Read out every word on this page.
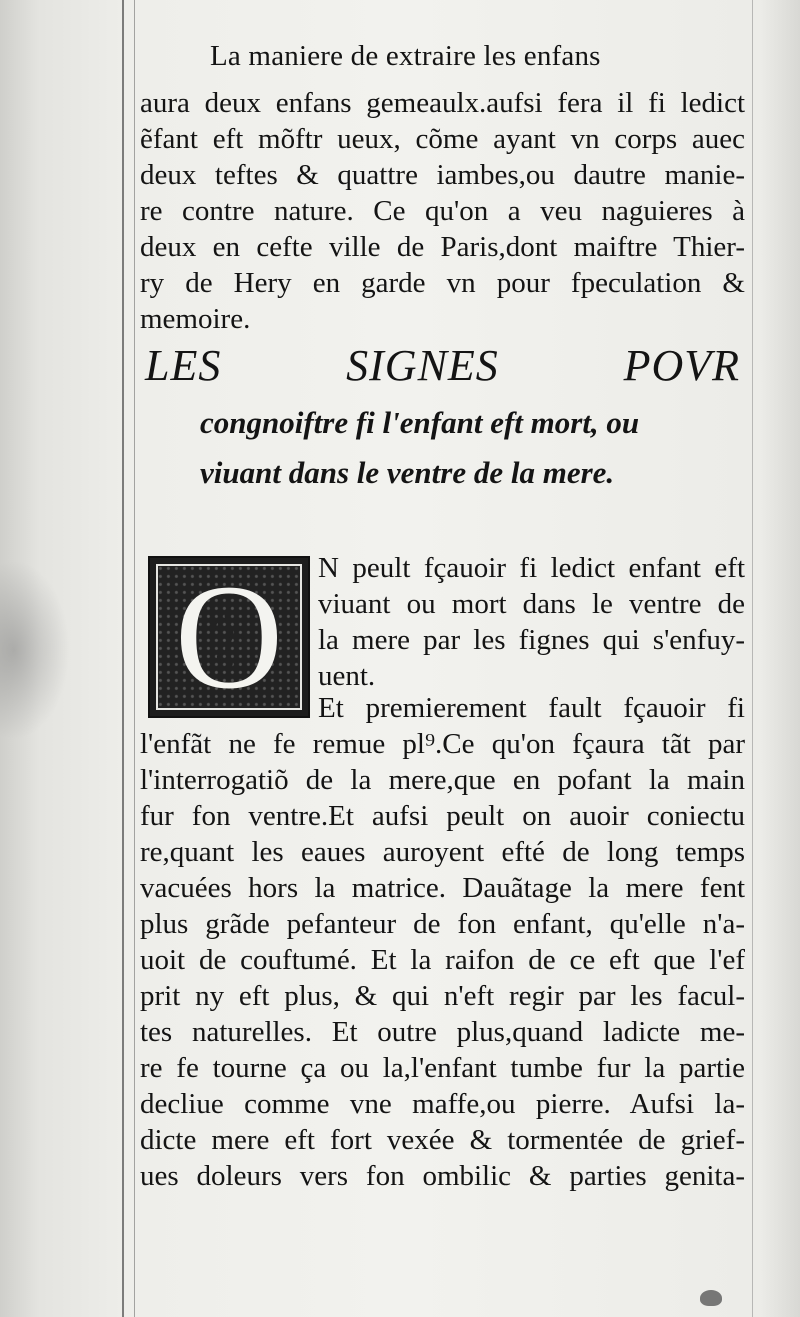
La maniere de extraire les enfans
aura deux enfans gemeaulx.aufsi fera il fi ledict
ẽfant eft mõftr ueux, cõme ayant vn corps auec
deux teftes & quattre iambes,ou dautre manie-
re contre nature. Ce qu'on a veu naguieres à
deux en cefte ville de Paris,dont maiftre Thier-
ry de Hery en garde vn pour fpeculation &
memoire.
LES SIGNES POVR
congnoiftre fi l'enfant eft mort, ou
viuant dans le ventre de la mere.
O	N peult fçauoir fi ledict enfant eft
viuant ou mort dans le ventre de
la mere par les fignes qui s'enfuy-
uent.
Et premierement fault fçauoir fi
l'enfãt ne fe remue pl⁹.Ce qu'on fçaura tãt par
l'interrogatiõ de la mere,que en pofant la main
fur fon ventre.Et aufsi peult on auoir coniectu
re,quant les eaues auroyent efté de long temps
vacuées hors la matrice. Dauãtage la mere fent
plus grãde pefanteur de fon enfant, qu'elle n'a-
uoit de couftumé. Et la raifon de ce eft que l'ef
prit ny eft plus, & qui n'eft regir par les facul-
tes naturelles. Et outre plus,quand ladicte me-
re fe tourne ça ou la,l'enfant tumbe fur la partie
decliue comme vne maffe,ou pierre. Aufsi la-
dicte mere eft fort vexée & tormentée de grief-
ues doleurs vers fon ombilic & parties genita-
